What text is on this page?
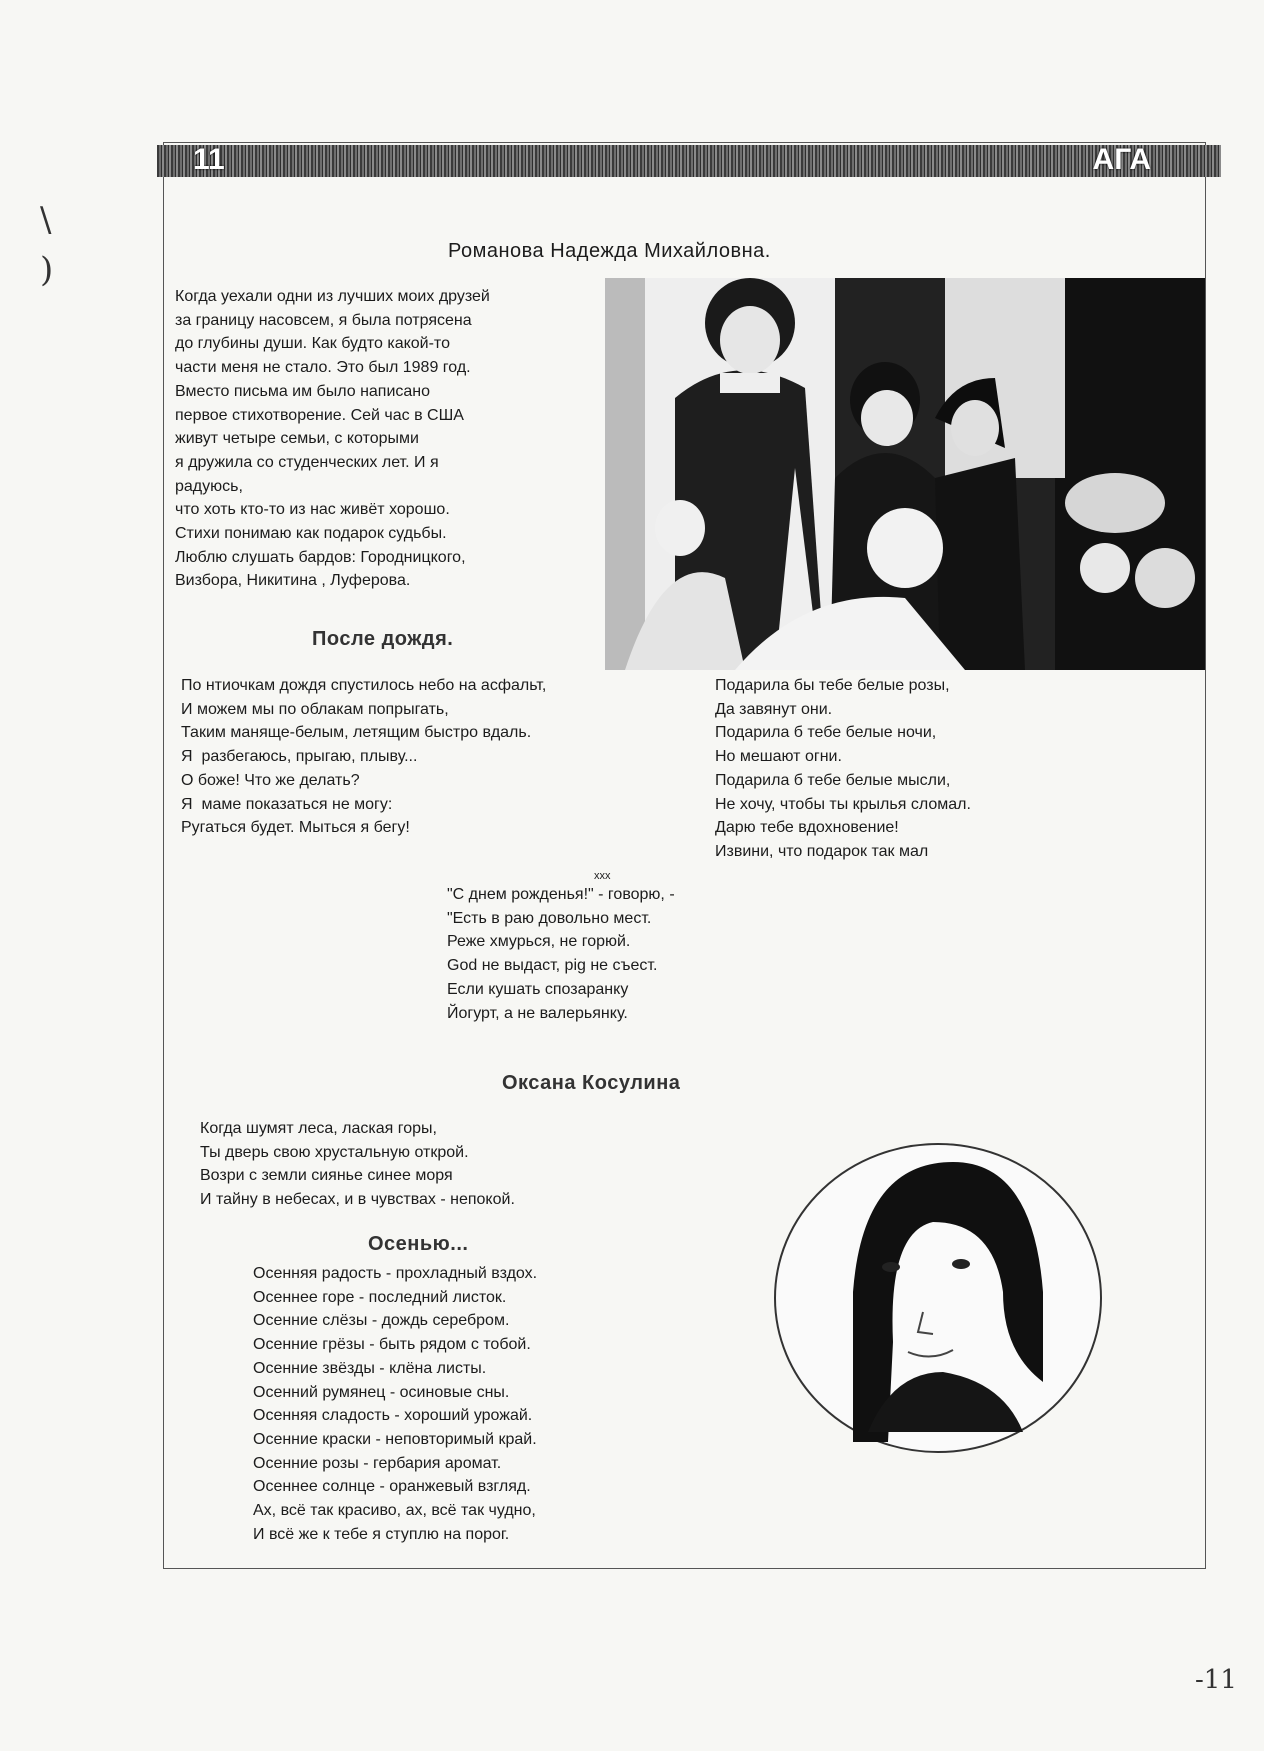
\
)
-11
11	АГА
Романова Надежда Михайловна.
Когда уехали одни из лучших моих друзей
за границу насовсем, я была потрясена
до глубины души. Как будто какой-то
части меня не стало. Это был 1989 год.
Вместо письма им было написано
первое стихотворение. Сей час в США
живут четыре семьи, с которыми
я дружила со студенческих лет. И я
радуюсь,
что хоть кто-то из нас живёт хорошо.
Стихи понимаю как подарок судьбы.
Люблю слушать бардов: Городницкого,
Визбора, Никитина , Луферова.
После дождя.
По нтиочкам дождя спустилось небо на асфальт,
И можем мы по облакам попрыгать,
Таким маняще-белым, летящим быстро вдаль.
Я  разбегаюсь, прыгаю, плыву...
О боже! Что же делать?
Я  маме показаться не могу:
Ругаться будет. Мыться я бегу!
Подарила бы тебе белые розы,
Да завянут они.
Подарила б тебе белые ночи,
Но мешают огни.
Подарила б тебе белые мысли,
Не хочу, чтобы ты крылья сломал.
Дарю тебе вдохновение!
Извини, что подарок так мал
xxx
"С днем рожденья!" - говорю, -
"Есть в раю довольно мест.
Реже хмурься, не горюй.
God не выдаст, pig не съест.
Если кушать спозаранку
Йогурт, а не валерьянку.
Оксана Косулина
Когда шумят леса, лаская горы,
Ты дверь свою хрустальную открой.
Возри с земли сиянье синее моря
И тайну в небесах, и в чувствах - непокой.
Осенью...
Осенняя радость - прохладный вздох.
Осеннее горе - последний листок.
Осенние слёзы - дождь серебром.
Осенние грёзы - быть рядом с тобой.
Осенние звёзды - клёна листы.
Осенний румянец - осиновые сны.
Осенняя сладость - хороший урожай.
Осенние краски - неповторимый край.
Осенние розы - гербария аромат.
Осеннее солнце - оранжевый взгляд.
Ах, всё так красиво, ах, всё так чудно,
И всё же к тебе я ступлю на порог.
